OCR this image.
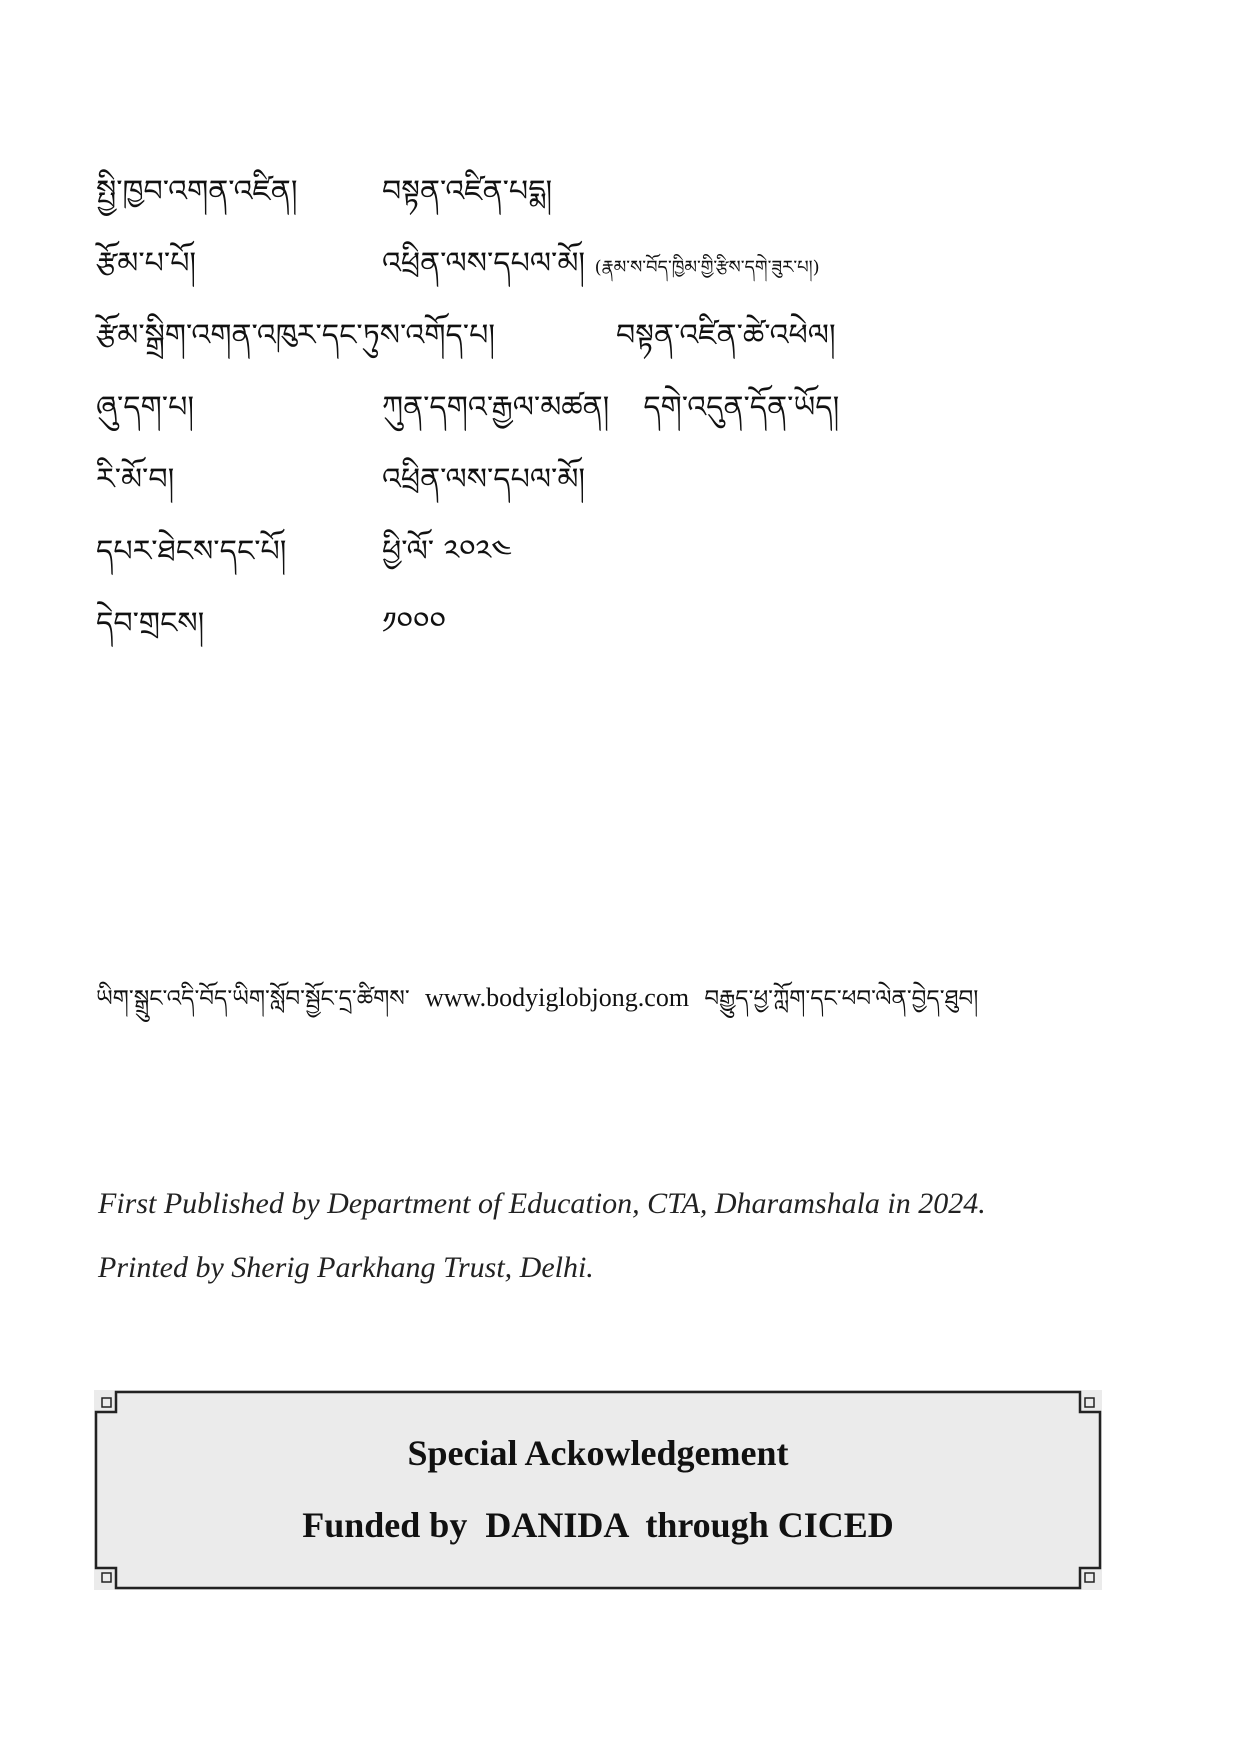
སྤྱི་ཁྱབ་འགན་འཛིན།	བསྟན་འཛིན་པདྨ།
རྩོམ་པ་པོ།	འཕྲིན་ལས་དཔལ་མོ། (རྣམ་ས་བོད་ཁྱིམ་གྱི་རྩིས་དགེ་ཟུར་པ།)
རྩོམ་སྒྲིག་འགན་འཁུར་དང་ཏུས་འགོད་པ།	བསྟན་འཛིན་ཚེ་འཕེལ།
ཞུ་དག་པ།	ཀུན་དགའ་རྒྱལ་མཚན། དགེ་འདུན་དོན་ཡོད།
རི་མོ་བ།	འཕྲིན་ལས་དཔལ་མོ།
དཔར་ཐེངས་དང་པོ།	ཕྱི་ལོ་ ༢༠༢༤
དེབ་གྲངས།	༡༠༠༠
ཡིག་སྒྲུང་འདི་བོད་ཡིག་སློབ་སྦྱོང་དྲ་ཚིགས་ www.bodyiglobjong.com བརྒྱུད་ཕྱ་ཀློག་དང་ཕབ་ལེན་བྱེད་ཐུབ།
First Published by Department of Education, CTA, Dharamshala in 2024.
Printed by Sherig Parkhang Trust, Delhi.
Special Ackowledgement
Funded by  DANIDA  through CICED
